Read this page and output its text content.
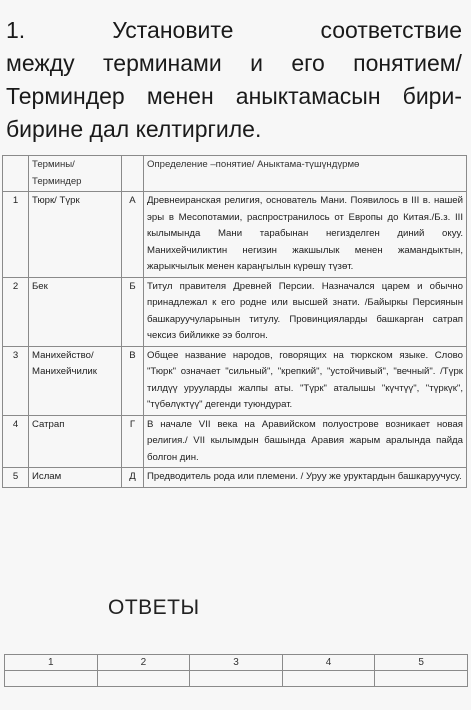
1.	Установите	соответствие
между терминами и его понятием/
Терминдер менен аныктамасын бири-
бирине дал келтиргиле.
	Термины/ Терминдер		Определение –понятие/ Аныктама-түшүндүрмө
1	Тюрк/ Түрк	А	Древнеиранская религия, основатель Мани. Появилось в III в. нашей эры в Месопотамии, распространилось от Европы до Китая./Б.з. III кылымында Мани тарабынан негизделген диний окуу. Манихейчиликтин негизин жакшылык менен жамандыктын, жарыкчылык менен караңгылын күрөшү түзөт.
2	Бек	Б	Титул правителя Древней Персии. Назначался царем и обычно принадлежал к его родне или высшей знати. /Байыркы Персиянын башкаруучуларынын титулу. Провинцияларды башкарган сатрап чексиз бийликке ээ болгон.
3	Манихейство/ Манихейчилик	В	Общее название народов, говорящих на тюркском языке. Слово "Тюрк" означает "сильный", "крепкий", "устойчивый", "вечный". /Түрк тилдүү урууларды жалпы аты. "Түрк" аталышы "күчтүү", "түркүк", "түбөлүктүү" дегенди туюндурат.
4	Сатрап	Г	В начале VII века на Аравийском полуострове возникает новая религия./ VII кылымдын башында Аравия жарым аралында пайда болгон дин.
5	Ислам	Д	Предводитель рода или племени. / Уруу же уруктардын башкаруучусу.
ОТВЕТЫ
1	2	3	4	5
